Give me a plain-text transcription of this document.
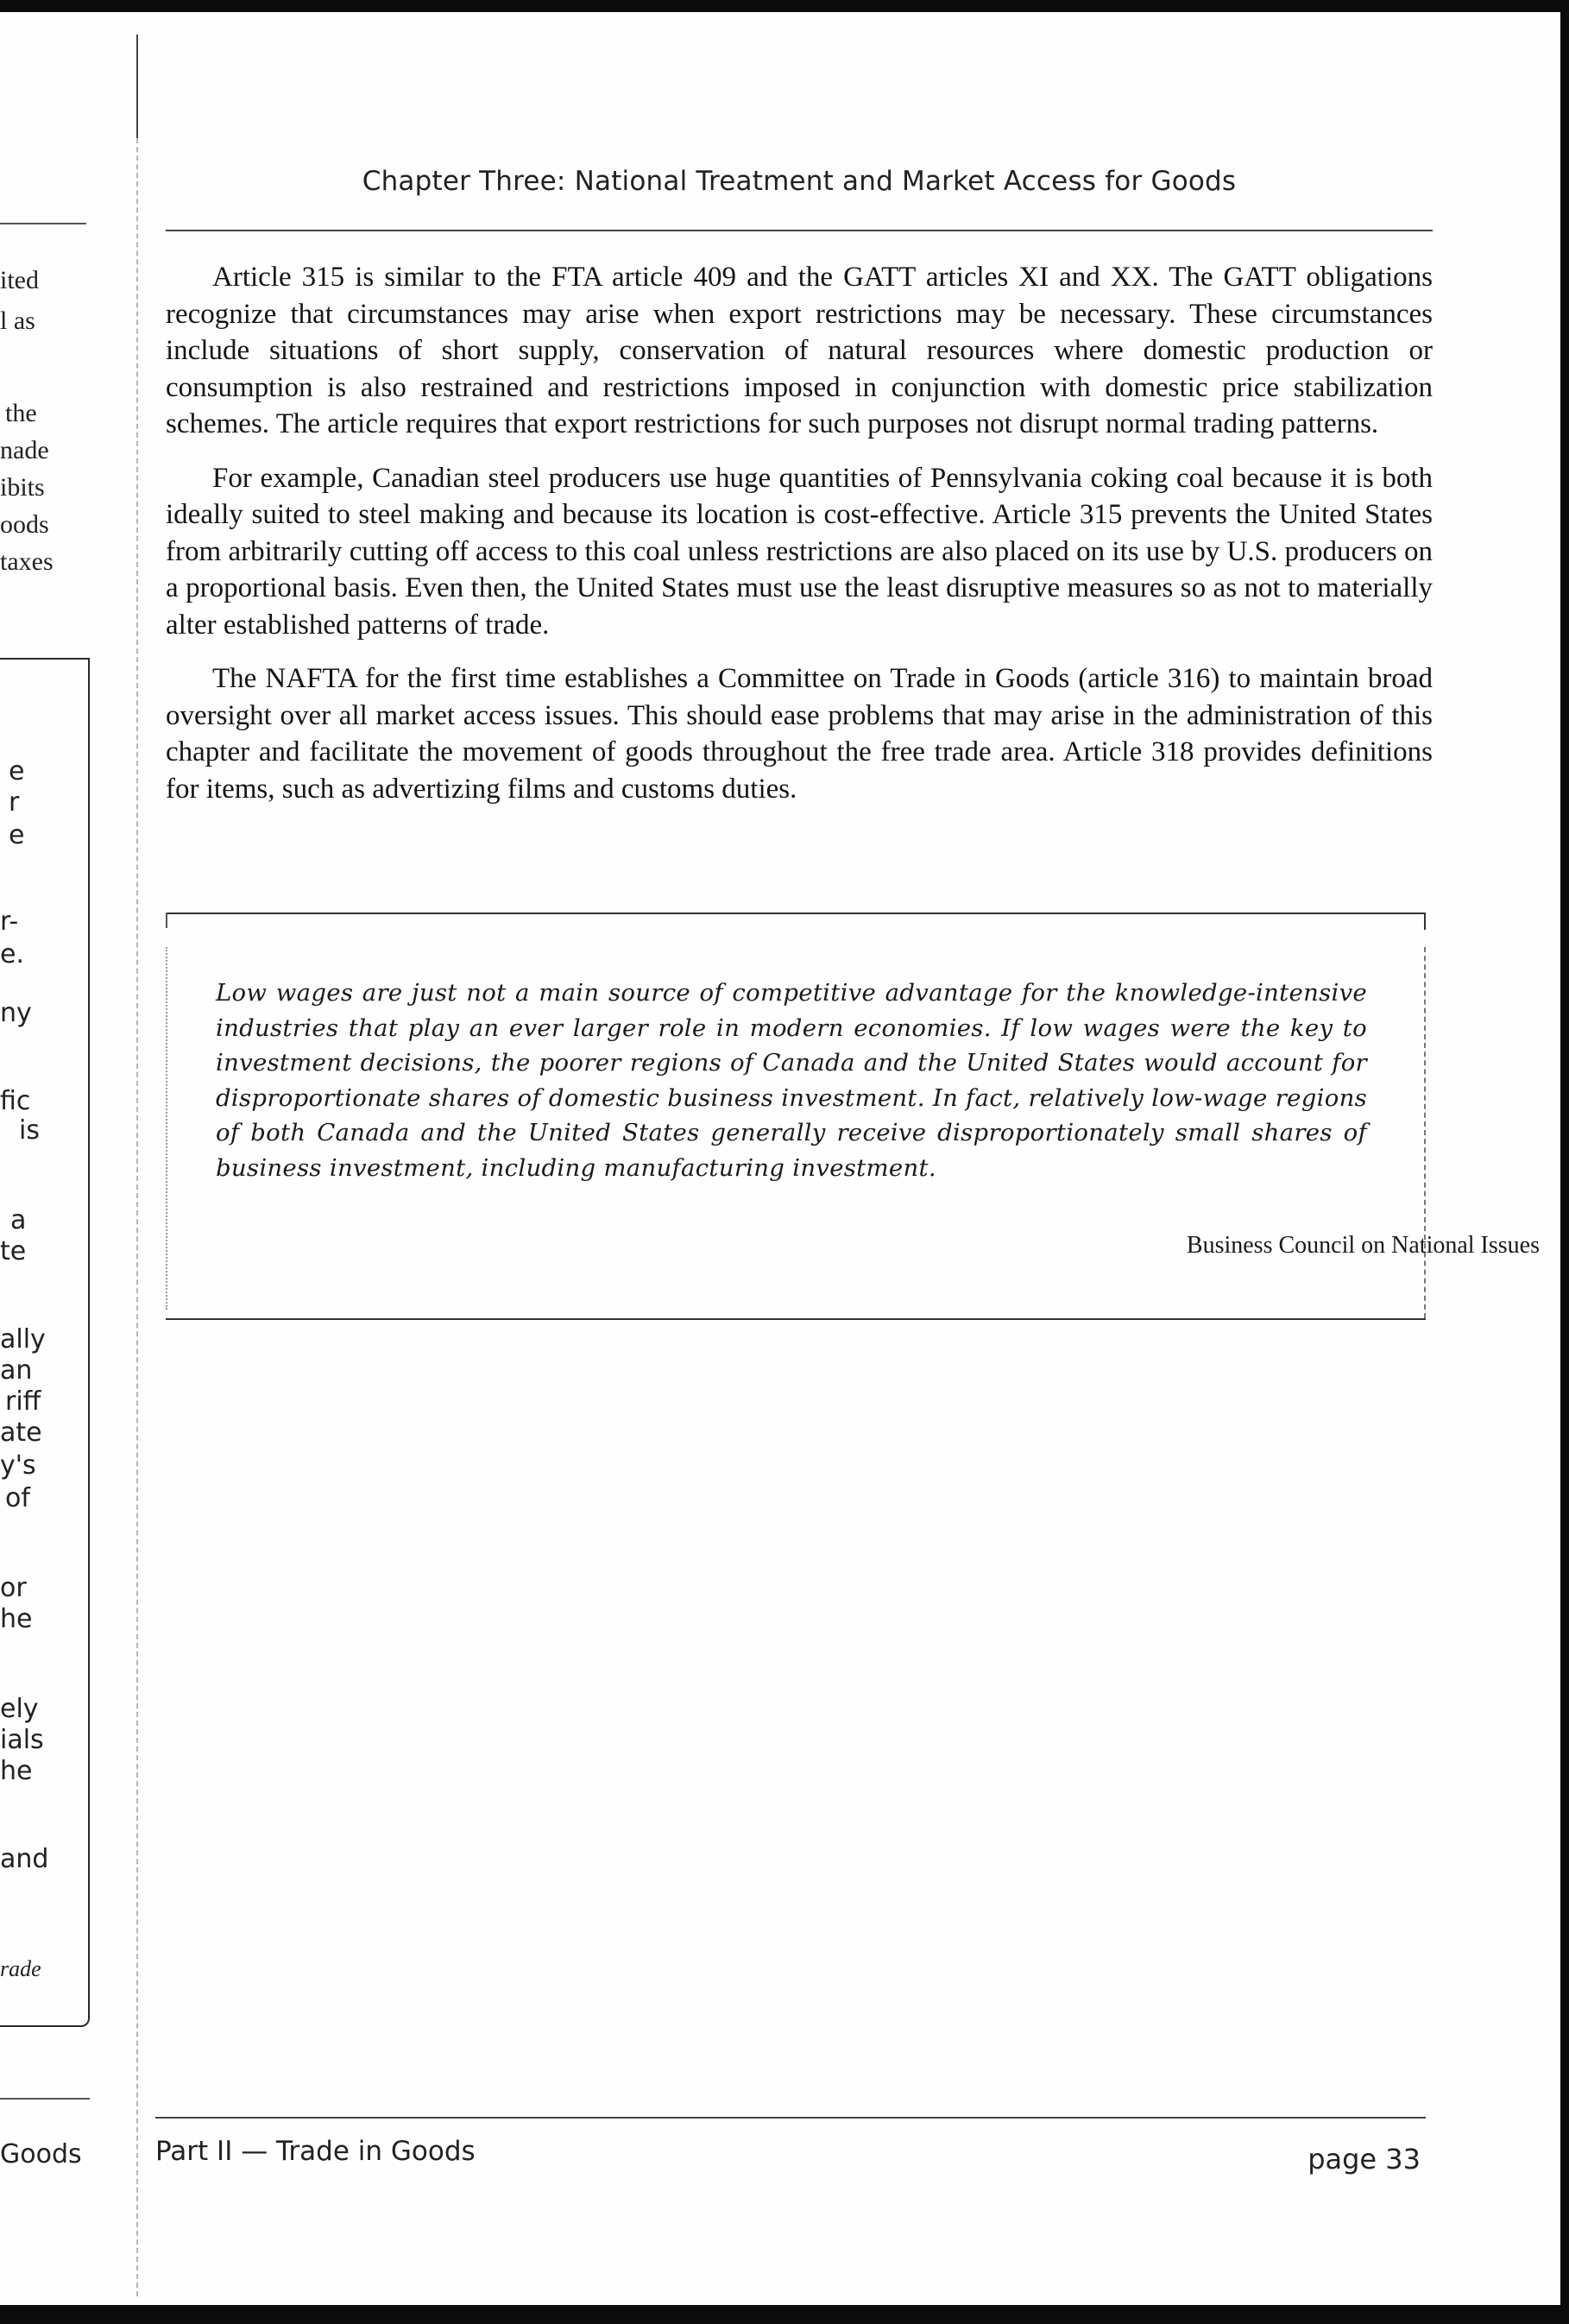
ited
l as
the
nade
ibits
oods
taxes
e
r
e
r-
e.
ny
fic
is
a
te
ally
an
riff
ate
y's
of
or
he
ely
ials
he
and
rade
Goods
Chapter Three: National Treatment and Market Access for Goods

Article 315 is similar to the FTA article 409 and the GATT articles XI and XX. The GATT obligations recognize that circumstances may arise when export restrictions may be necessary. These circumstances include situations of short supply, conservation of natural resources where domestic production or consumption is also restrained and restrictions imposed in conjunction with domestic price stabilization schemes. The article requires that export restrictions for such purposes not disrupt normal trading patterns.

For example, Canadian steel producers use huge quantities of Pennsylvania coking coal because it is both ideally suited to steel making and because its location is cost-effective. Article 315 prevents the United States from arbitrarily cutting off access to this coal unless restrictions are also placed on its use by U.S. producers on a proportional basis. Even then, the United States must use the least disruptive measures so as not to materially alter established patterns of trade.

The NAFTA for the first time establishes a Committee on Trade in Goods (article 316) to maintain broad oversight over all market access issues. This should ease problems that may arise in the administration of this chapter and facilitate the movement of goods throughout the free trade area. Article 318 provides definitions for items, such as advertizing films and customs duties.

Low wages are just not a main source of competitive advantage for the knowledge-intensive industries that play an ever larger role in modern economies. If low wages were the key to investment decisions, the poorer regions of Canada and the United States would account for disproportionate shares of domestic business investment. In fact, relatively low-wage regions of both Canada and the United States generally receive disproportionately small shares of business investment, including manufacturing investment.
Business Council on National Issues
Part II — Trade in Goods	page 33
